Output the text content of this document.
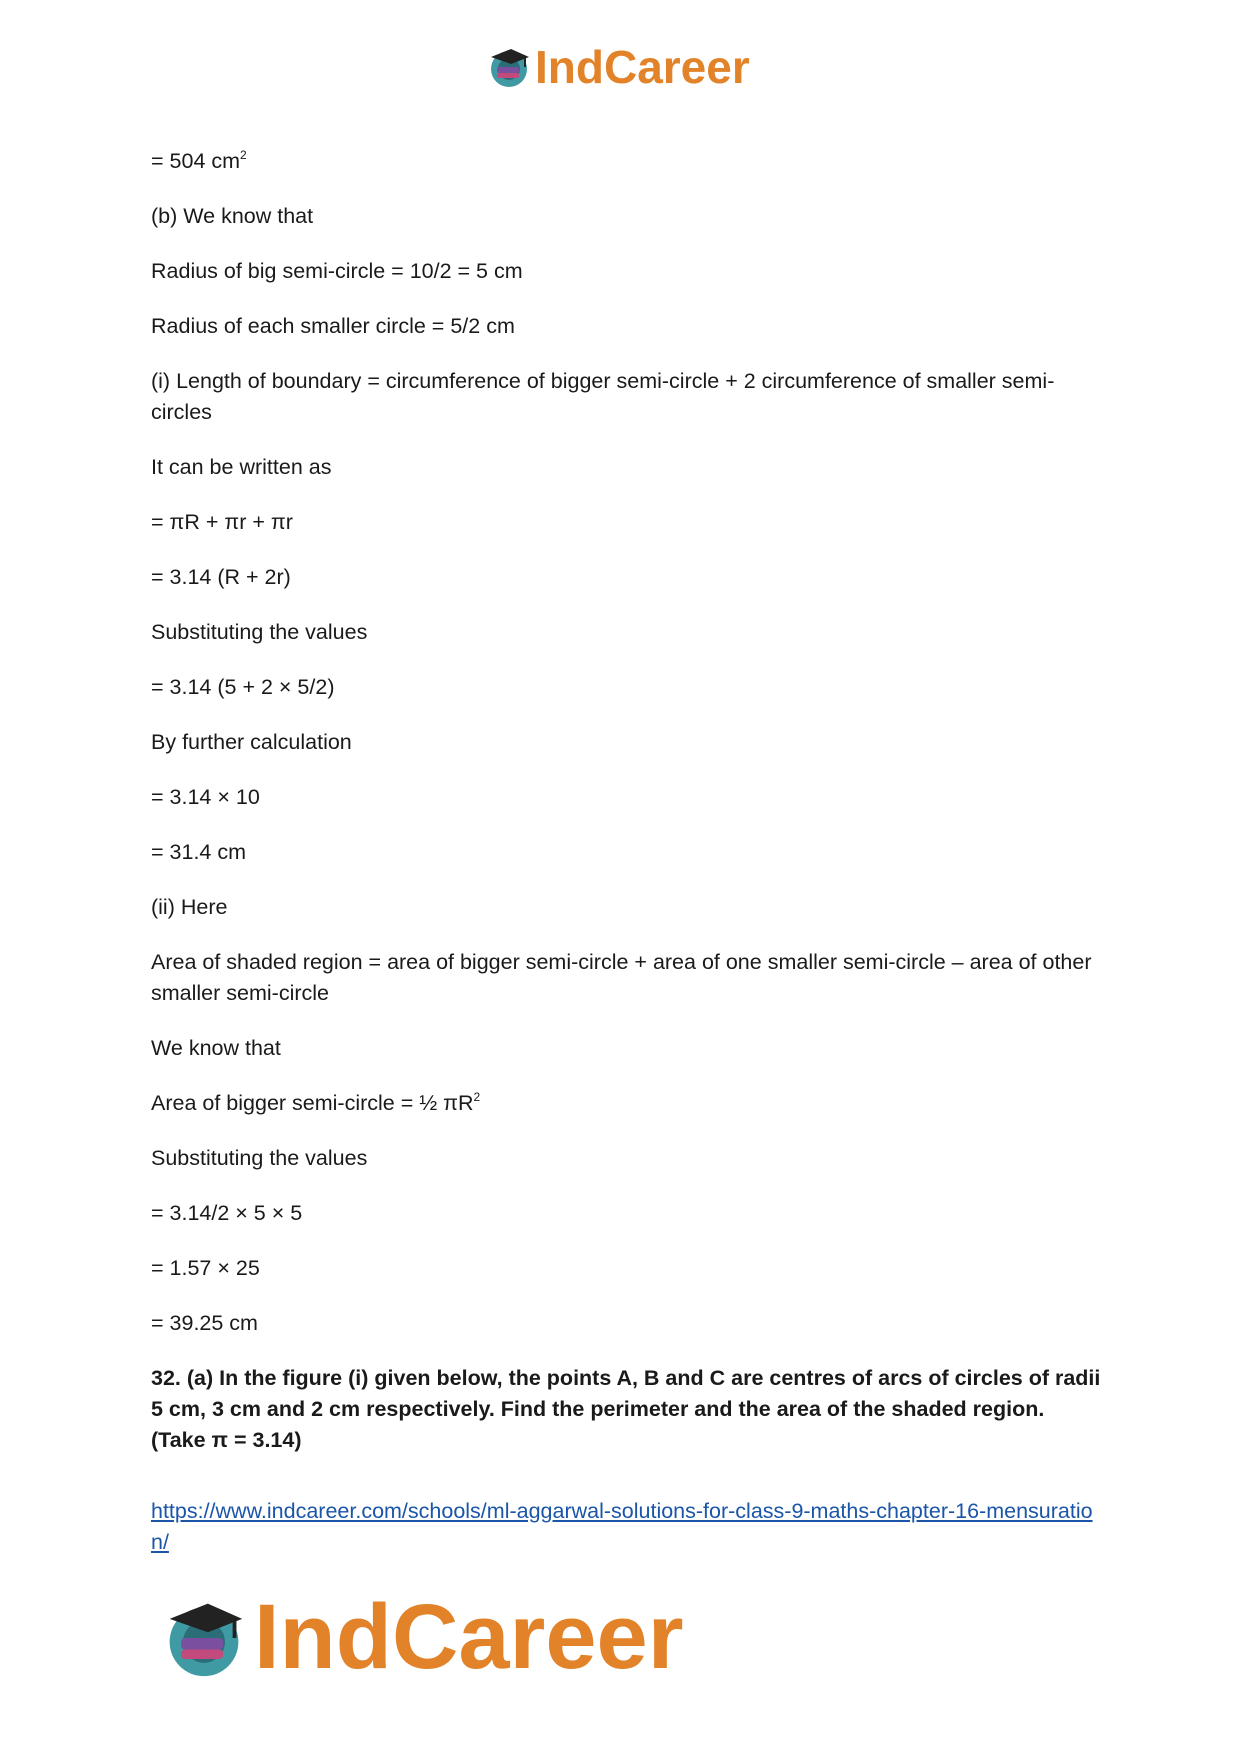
IndCareer

= 504 $cm^2$

(b) We know that

Radius of big semi-circle = 10/2 = 5 cm

Radius of each smaller circle = 5/2 cm

(i) Length of boundary = circumference of bigger semi-circle + 2 circumference of smaller semi-circles

It can be written as

= πR + πr + πr

= 3.14 (R + 2r)

Substituting the values

= 3.14 (5 + 2 × 5/2)

By further calculation

= 3.14 × 10

= 31.4 cm

(ii) Here

Area of shaded region = area of bigger semi-circle + area of one smaller semi-circle – area of other smaller semi-circle

We know that

Area of bigger semi-circle = ½ $\pi R^2$

Substituting the values

= 3.14/2 × 5 × 5

= 1.57 × 25

= 39.25 cm

32. (a) In the figure (i) given below, the points A, B and C are centres of arcs of circles of radii 5 cm, 3 cm and 2 cm respectively. Find the perimeter and the area of the shaded region. (Take π = 3.14)

https://www.indcareer.com/schools/ml-aggarwal-solutions-for-class-9-maths-chapter-16-mensuration/
IndCareer
